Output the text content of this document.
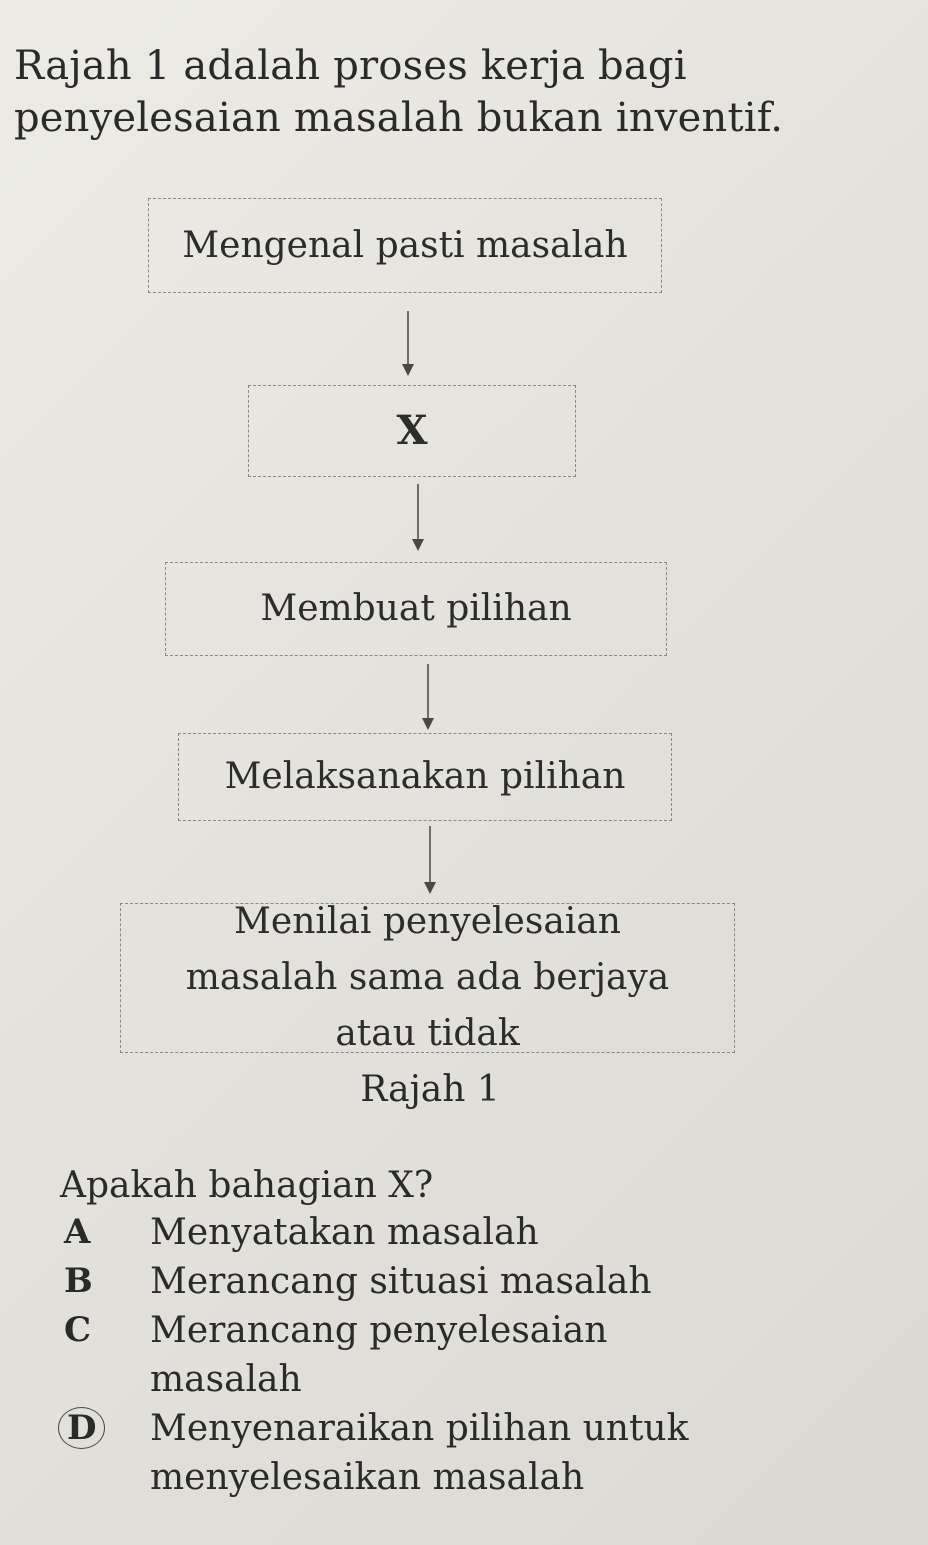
Rajah 1 adalah proses kerja bagi penyelesaian masalah bukan inventif.

Mengenal pasti masalah
X
Membuat pilihan
Melaksanakan pilihan
Menilai penyelesaian masalah sama ada berjaya atau tidak
Rajah 1
Apakah bahagian X?
A	Menyatakan masalah
B	Merancang situasi masalah
C	Merancang penyelesaian masalah
D	Menyenaraikan pilihan untuk menyelesaikan masalah
